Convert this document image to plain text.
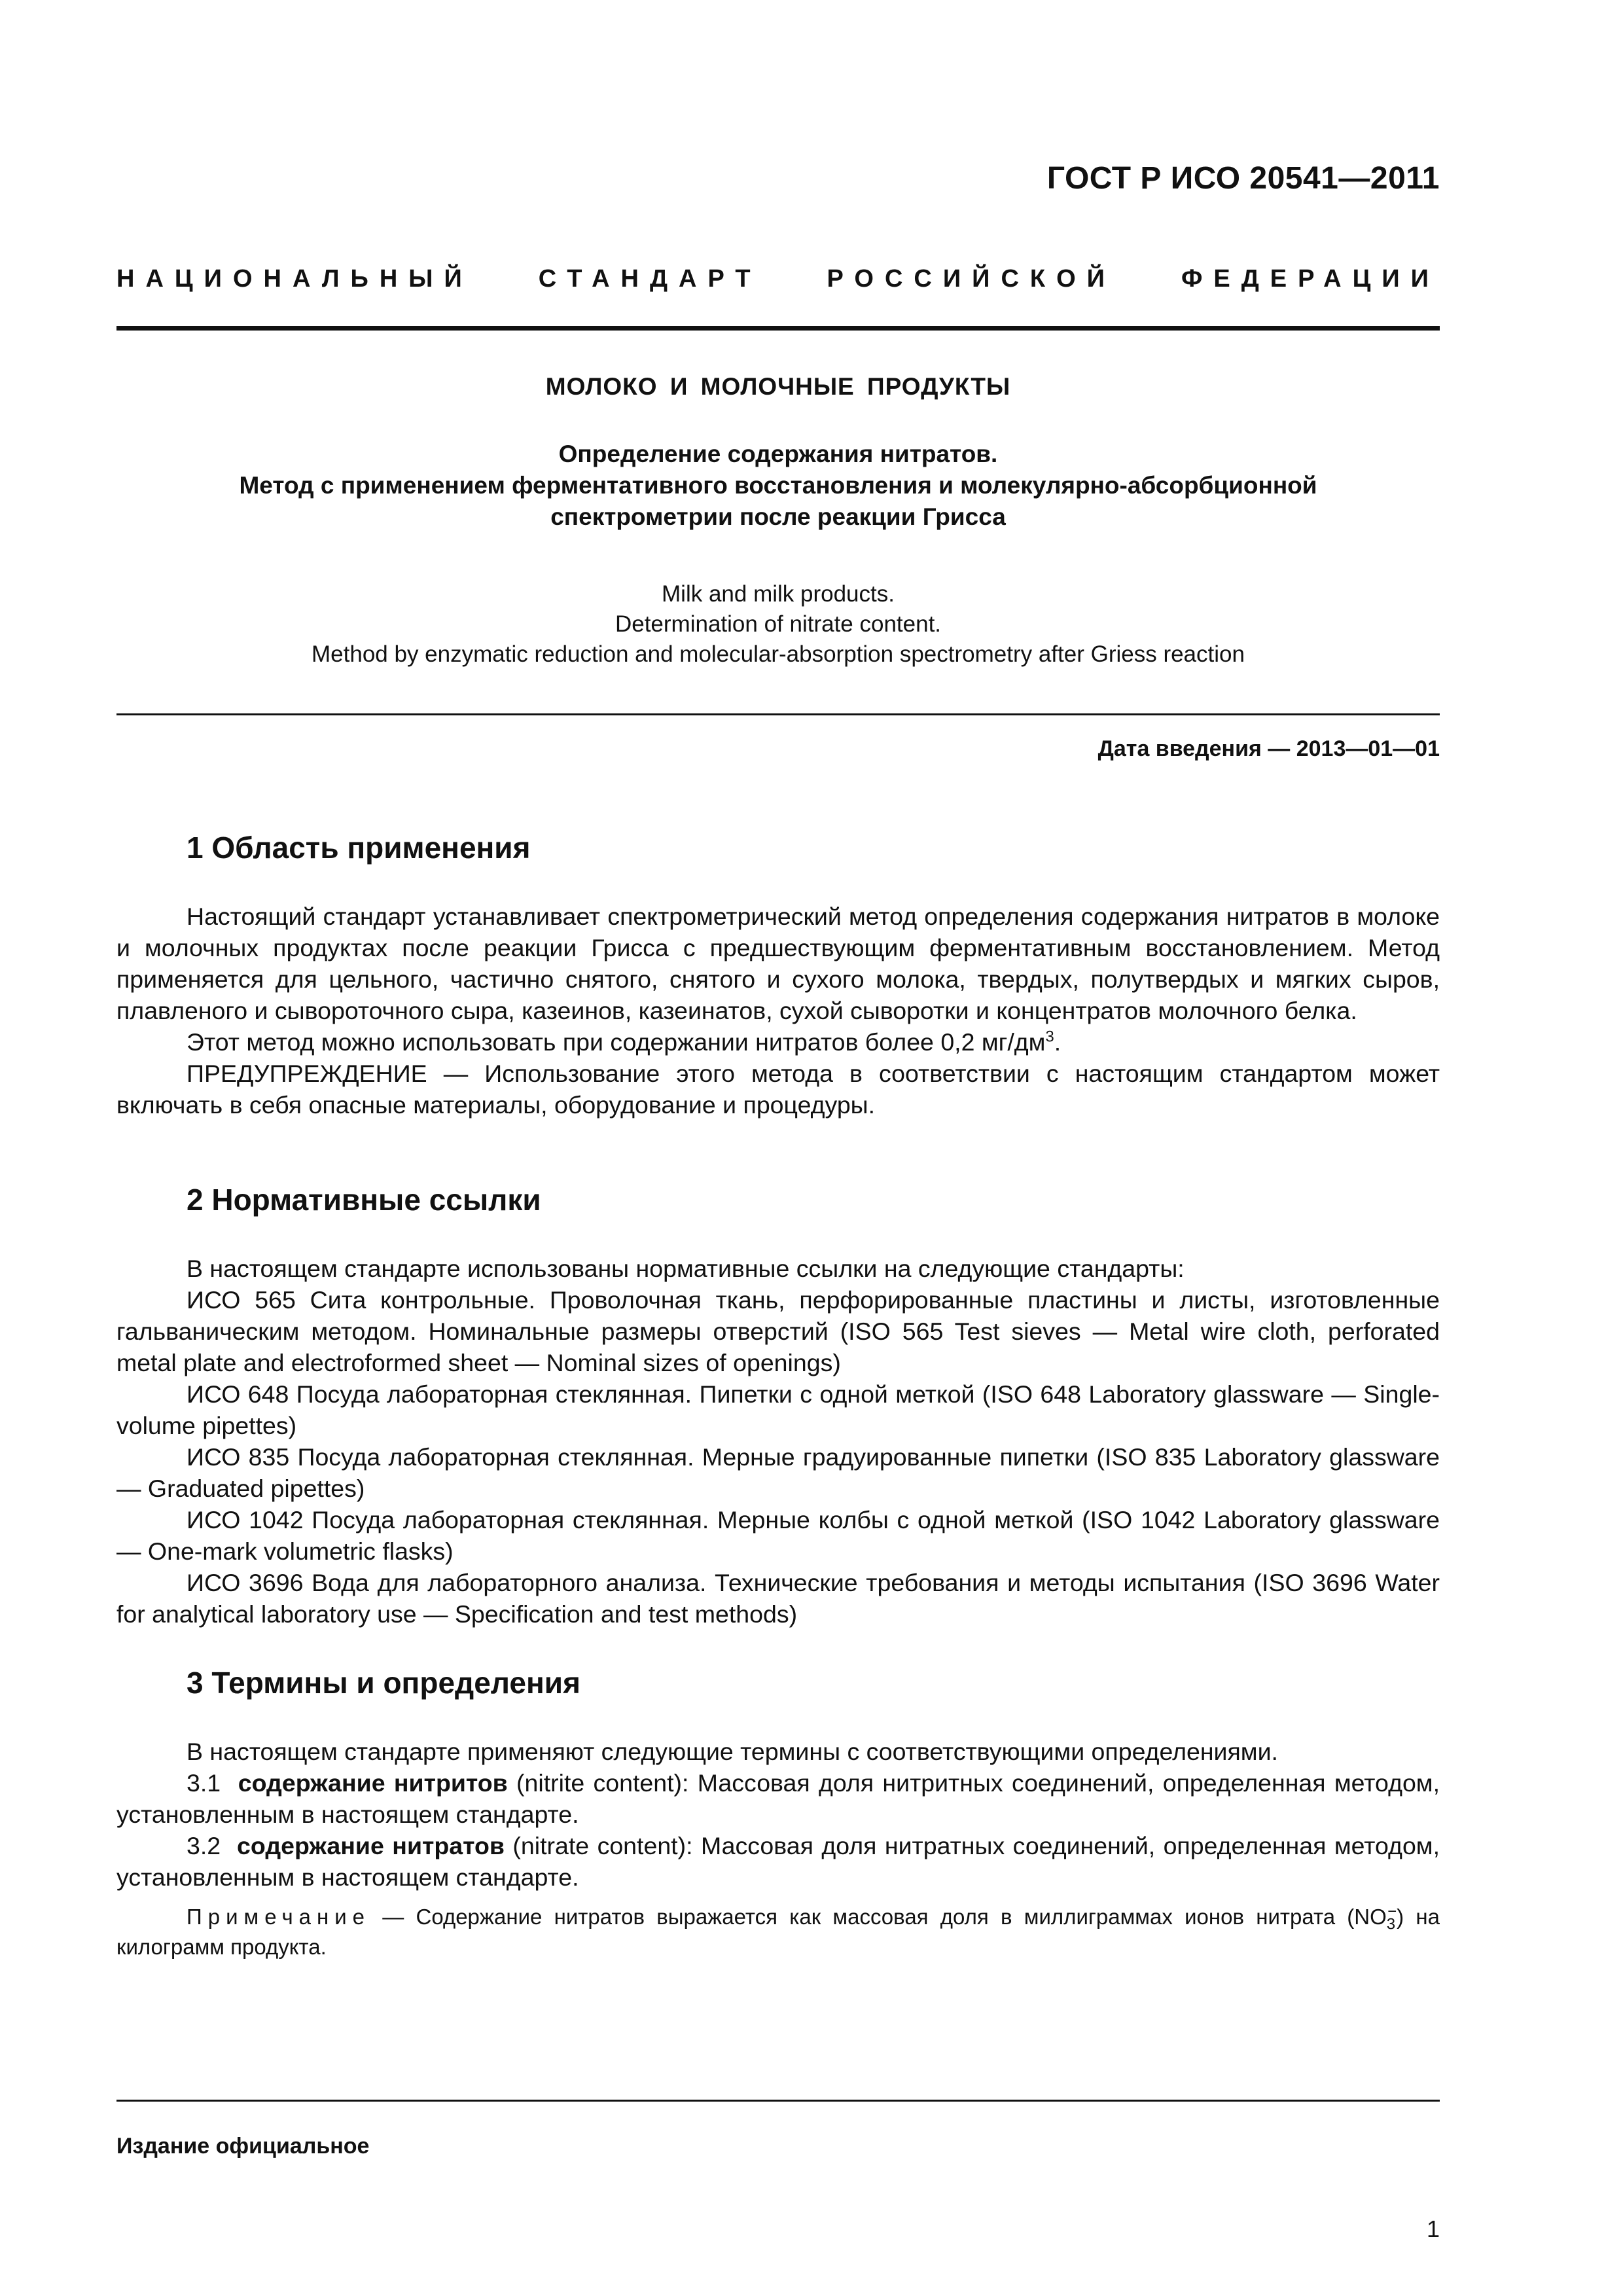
ГОСТ Р ИСО 20541—2011
НАЦИОНАЛЬНЫЙ	СТАНДАРТ	РОССИЙСКОЙ	ФЕДЕРАЦИИ
МОЛОКО И МОЛОЧНЫЕ ПРОДУКТЫ
Определение содержания нитратов.
Метод с применением ферментативного восстановления и молекулярно-абсорбционной
спектрометрии после реакции Грисса
Milk and milk products.
Determination of nitrate content.
Method by enzymatic reduction and molecular-absorption spectrometry after Griess reaction
Дата введения — 2013—01—01
1 Область применения

Настоящий стандарт устанавливает спектрометрический метод определения содержания нитратов в молоке и молочных продуктах после реакции Грисса с предшествующим ферментативным восстановлением. Метод применяется для цельного, частично снятого, снятого и сухого молока, твердых, полутвердых и мягких сыров, плавленого и сывороточного сыра, казеинов, казеинатов, сухой сыворотки и концентратов молочного белка.

Этот метод можно использовать при содержании нитратов более 0,2 $мг/дм^3$.

ПРЕДУПРЕЖДЕНИЕ — Использование этого метода в соответствии с настоящим стандартом может включать в себя опасные материалы, оборудование и процедуры.

2 Нормативные ссылки

В настоящем стандарте использованы нормативные ссылки на следующие стандарты:

ИСО 565 Сита контрольные. Проволочная ткань, перфорированные пластины и листы, изготовленные гальваническим методом. Номинальные размеры отверстий (ISO 565 Test sieves — Metal wire cloth, perforated metal plate and electroformed sheet — Nominal sizes of openings)

ИСО 648 Посуда лабораторная стеклянная. Пипетки с одной меткой (ISO 648 Laboratory glassware — Single-volume pipettes)

ИСО 835 Посуда лабораторная стеклянная. Мерные градуированные пипетки (ISO 835 Laboratory glassware — Graduated pipettes)

ИСО 1042 Посуда лабораторная стеклянная. Мерные колбы с одной меткой (ISO 1042 Laboratory glassware — One-mark volumetric flasks)

ИСО 3696 Вода для лабораторного анализа. Технические требования и методы испытания (ISO 3696 Water for analytical laboratory use — Specification and test methods)

3 Термины и определения

В настоящем стандарте применяют следующие термины с соответствующими определениями.

3.1 содержание нитритов (nitrite content): Массовая доля нитритных соединений, определенная методом, установленным в настоящем стандарте.

3.2 содержание нитратов (nitrate content): Массовая доля нитратных соединений, определенная методом, установленным в настоящем стандарте.

Примечание — Содержание нитратов выражается как массовая доля в миллиграммах ионов нитрата $(NO_3^-)$ на килограмм продукта.

Издание официальное
1
